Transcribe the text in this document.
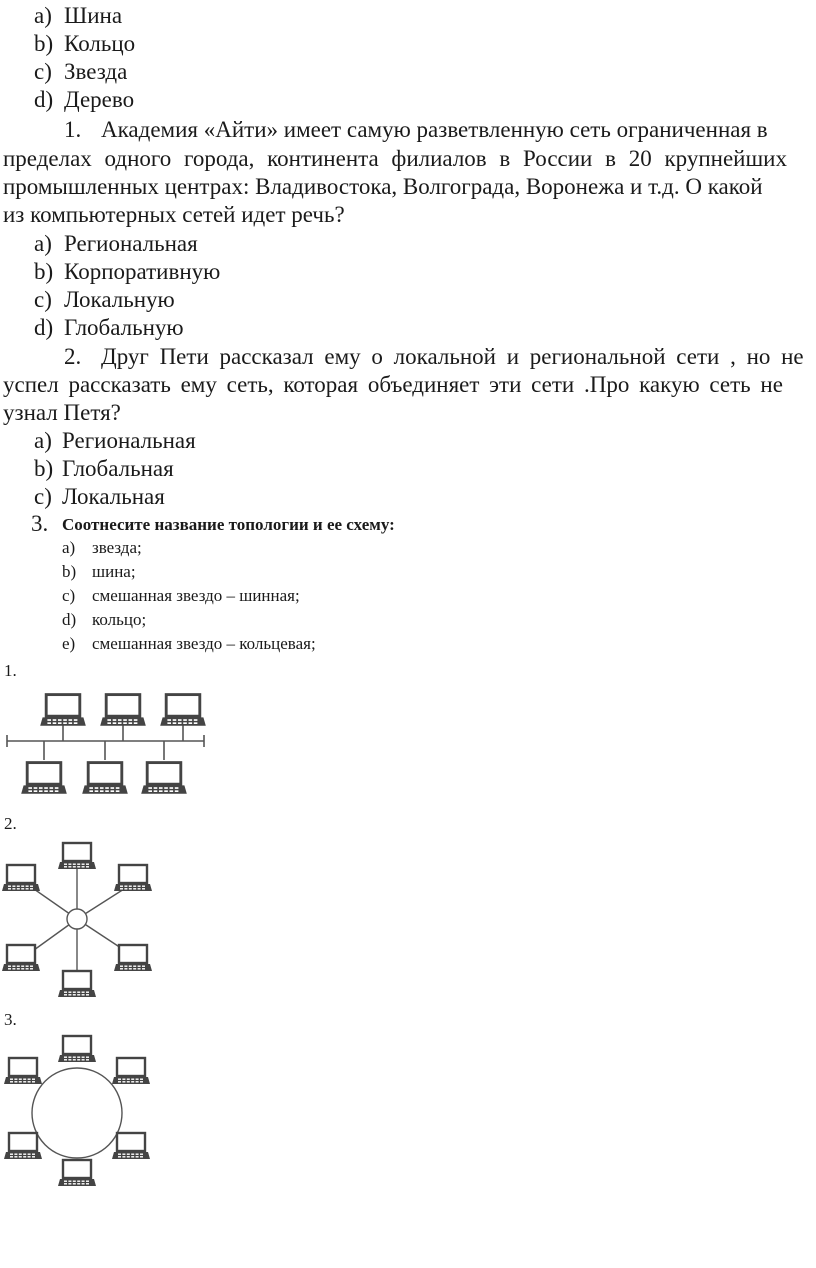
a) Шина
b) Кольцо
c) Звезда
d) Дерево
1. Академия «Айти» имеет самую разветвленную сеть ограниченная в
пределах одного города, континента филиалов в России в 20 крупнейших
промышленных центрах: Владивостока, Волгограда, Воронежа и т.д. О какой
из компьютерных сетей идет речь?
a) Региональная
b) Корпоративную
c) Локальную
d) Глобальную
2. Друг Пети рассказал ему о локальной и региональной сети , но не
успел рассказать ему сеть, которая объединяет эти сети .Про какую сеть не
узнал Петя?
a) Региональная
b) Глобальная
c) Локальная
3. Соотнесите название топологии и ее схему:
a) звезда;
b) шина;
c) смешанная звездо – шинная;
d) кольцо;
e) смешанная звездо – кольцевая;
1.
2.
3.
